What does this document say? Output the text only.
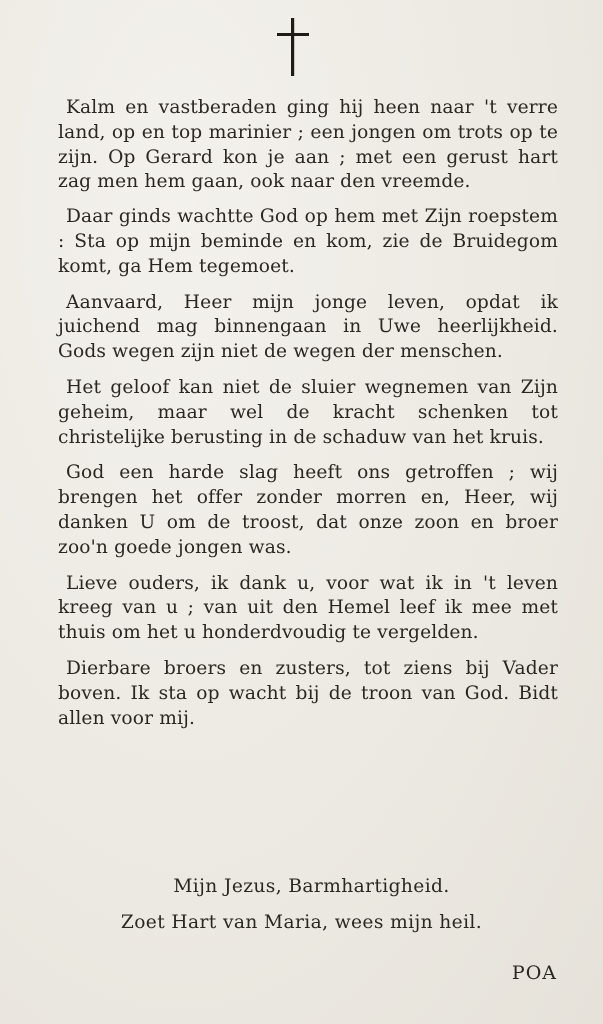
Kalm en vastberaden ging hij heen naar 't verre land, op en top marinier ; een jongen om trots op te zijn. Op Gerard kon je aan ; met een gerust hart zag men hem gaan, ook naar den vreemde.

Daar ginds wachtte God op hem met Zijn roepstem : Sta op mijn beminde en kom, zie de Bruidegom komt, ga Hem tegemoet.

Aanvaard, Heer mijn jonge leven, opdat ik juichend mag binnengaan in Uwe heerlijkheid. Gods wegen zijn niet de wegen der menschen.

Het geloof kan niet de sluier wegnemen van Zijn geheim, maar wel de kracht schenken tot christelijke berusting in de schaduw van het kruis.

God een harde slag heeft ons getroffen ; wij brengen het offer zonder morren en, Heer, wij danken U om de troost, dat onze zoon en broer zoo'n goede jongen was.

Lieve ouders, ik dank u, voor wat ik in 't leven kreeg van u ; van uit den Hemel leef ik mee met thuis om het u honderdvoudig te vergelden.

Dierbare broers en zusters, tot ziens bij Vader boven. Ik sta op wacht bij de troon van God. Bidt allen voor mij.

Mijn Jezus, Barmhartigheid.
Zoet Hart van Maria, wees mijn heil.
POA
